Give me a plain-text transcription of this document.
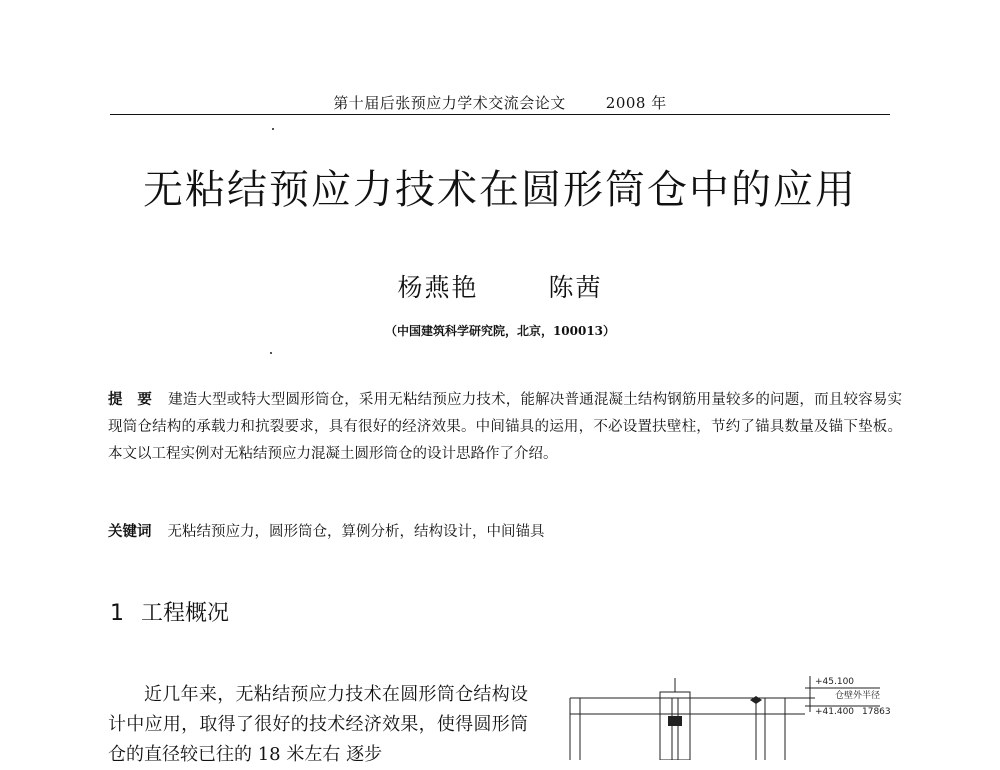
第十届后张预应力学术交流会论文	2008 年
无粘结预应力技术在圆形筒仓中的应用
杨燕艳	陈茜
（中国建筑科学研究院，北京，100013）
提　要 建造大型或特大型圆形筒仓，采用无粘结预应力技术，能解决普通混凝土结构钢筋用量较多的问题，而且较容易实现筒仓结构的承载力和抗裂要求，具有很好的经济效果。中间锚具的运用，不必设置扶壁柱，节约了锚具数量及锚下垫板。本文以工程实例对无粘结预应力混凝土圆形筒仓的设计思路作了介绍。
关键词 无粘结预应力，圆形筒仓，算例分析，结构设计，中间锚具
1 工程概况
近几年来，无粘结预应力技术在圆形筒仓结构设计中应用，取得了很好的技术经济效果，使得圆形筒仓的直径较已往的 18 米左右 逐步
+45.100
仓壁外半径
+41.400 17863
